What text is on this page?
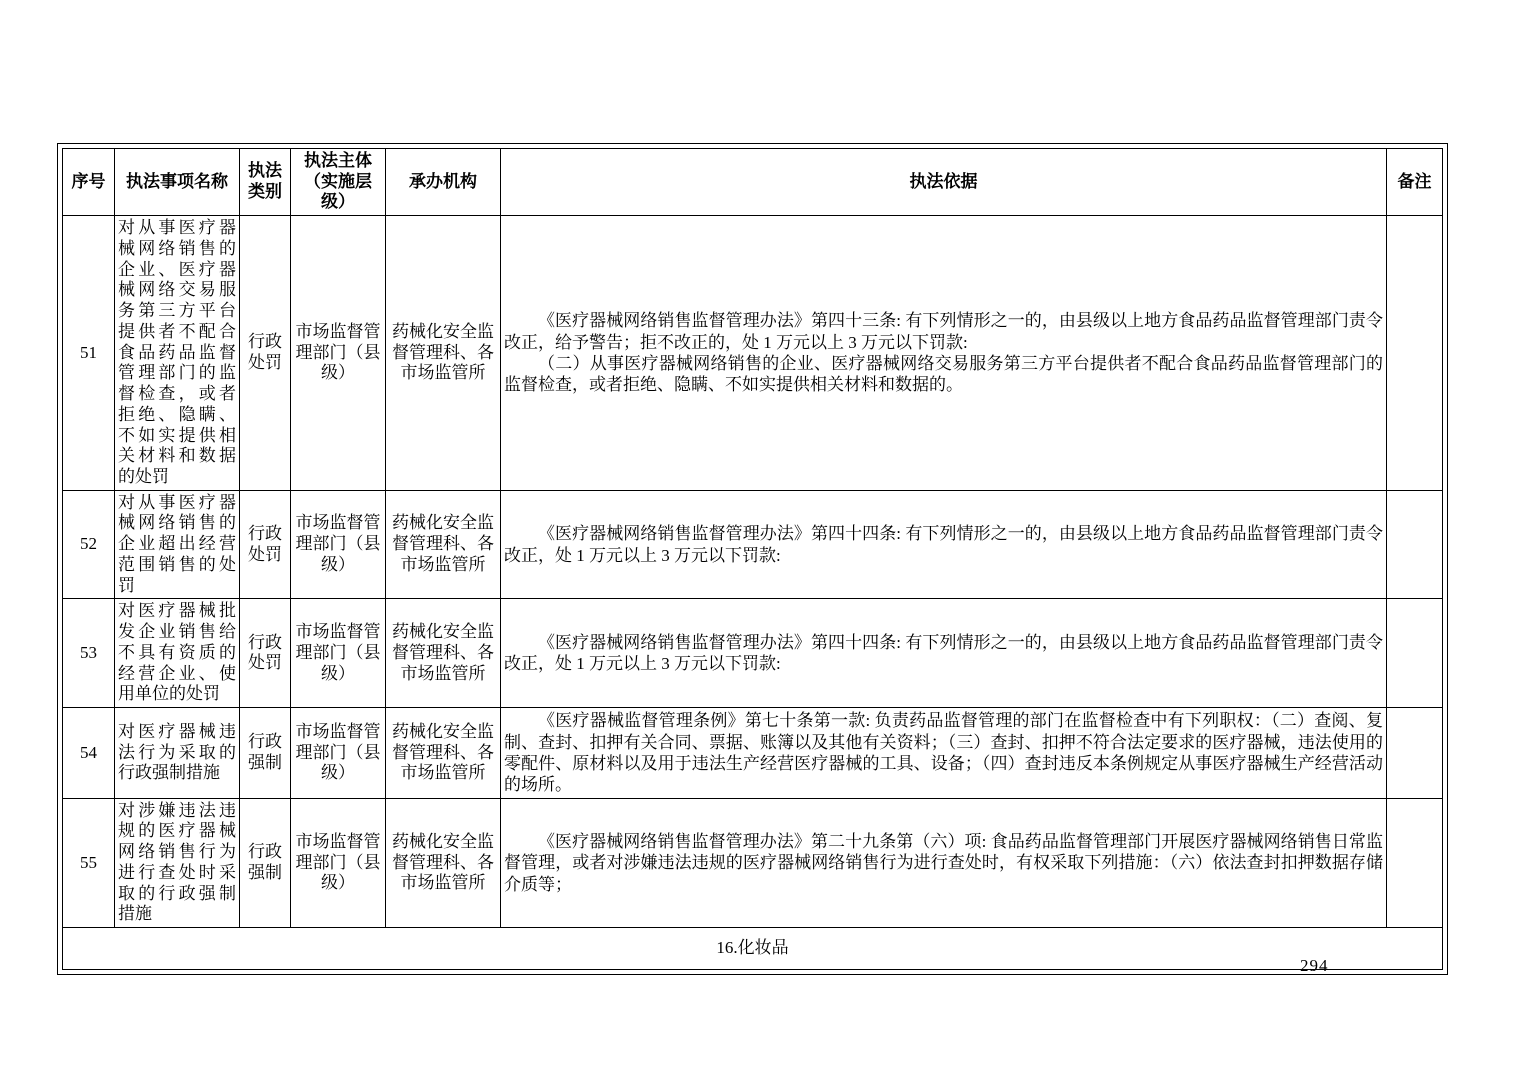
序号	执法事项名称	执法类别	执法主体（实施层级）	承办机构	执法依据	备注
51	对从事医疗器械网络销售的企业、医疗器械网络交易服务第三方平台提供者不配合食品药品监督管理部门的监督检查，或者拒绝、隐瞒、不如实提供相关材料和数据的处罚	行政处罚	市场监督管理部门（县级）	药械化安全监督管理科、各市场监管所	《医疗器械网络销售监督管理办法》第四十三条: 有下列情形之一的，由县级以上地方食品药品监督管理部门责令改正，给予警告；拒不改正的，处 1 万元以上 3 万元以下罚款:

（二）从事医疗器械网络销售的企业、医疗器械网络交易服务第三方平台提供者不配合食品药品监督管理部门的监督检查，或者拒绝、隐瞒、不如实提供相关材料和数据的。	

52	对从事医疗器械网络销售的企业超出经营范围销售的处罚	行政处罚	市场监督管理部门（县级）	药械化安全监督管理科、各市场监管所	《医疗器械网络销售监督管理办法》第四十四条: 有下列情形之一的，由县级以上地方食品药品监督管理部门责令改正，处 1 万元以上 3 万元以下罚款:	

53	对医疗器械批发企业销售给不具有资质的经营企业、使用单位的处罚	行政处罚	市场监督管理部门（县级）	药械化安全监督管理科、各市场监管所	《医疗器械网络销售监督管理办法》第四十四条: 有下列情形之一的，由县级以上地方食品药品监督管理部门责令改正，处 1 万元以上 3 万元以下罚款:	

54	对医疗器械违法行为采取的行政强制措施	行政强制	市场监督管理部门（县级）	药械化安全监督管理科、各市场监管所	《医疗器械监督管理条例》第七十条第一款: 负责药品监督管理的部门在监督检查中有下列职权：（二）查阅、复制、查封、扣押有关合同、票据、账簿以及其他有关资料；（三）查封、扣押不符合法定要求的医疗器械，违法使用的零配件、原材料以及用于违法生产经营医疗器械的工具、设备；（四）查封违反本条例规定从事医疗器械生产经营活动的场所。	

55	对涉嫌违法违规的医疗器械网络销售行为进行查处时采取的行政强制措施	行政强制	市场监督管理部门（县级）	药械化安全监督管理科、各市场监管所	《医疗器械网络销售监督管理办法》第二十九条第（六）项: 食品药品监督管理部门开展医疗器械网络销售日常监督管理，或者对涉嫌违法违规的医疗器械网络销售行为进行查处时，有权采取下列措施：（六）依法查封扣押数据存储介质等；	

16.化妆品						
294
